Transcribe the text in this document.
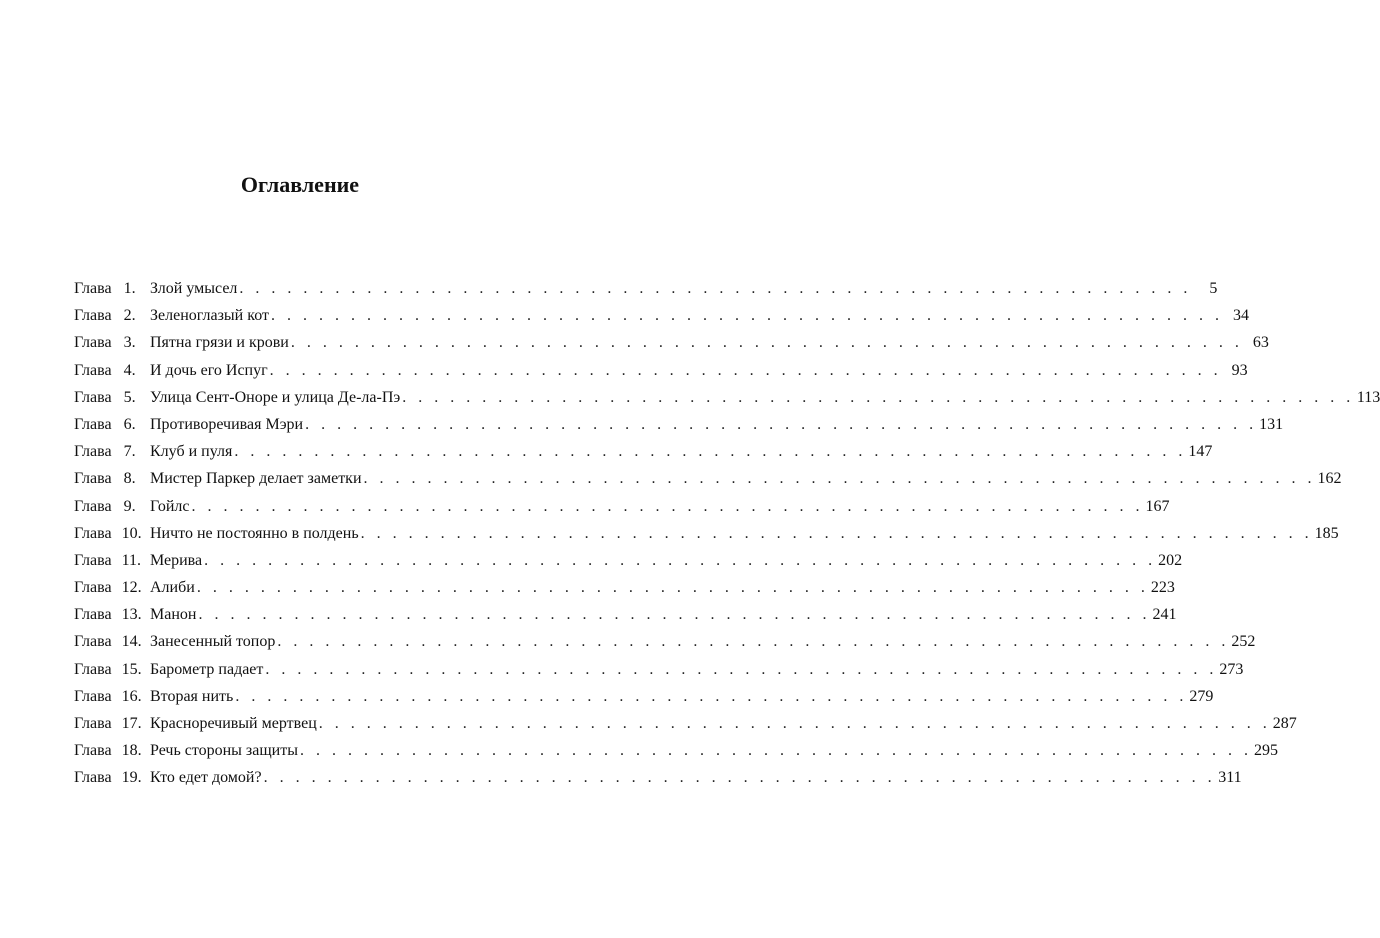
Оглавление
Глава 1. Злой умысел . . . . . . . . . . . . . . . . . . . . . . . . . . . . . . . . . . . . . . . . . . . . . . . . . . . . . . . . . . . .	5
Глава 2. Зеленоглазый кот . . . . . . . . . . . . . . . . . . . . . . . . . . . . . . . . . . . . . . . . . . . . . . . . . . . . . . . . . . . . 34
Глава 3. Пятна грязи и крови . . . . . . . . . . . . . . . . . . . . . . . . . . . . . . . . . . . . . . . . . . . . . . . . . . . . . . . . . . . . 63
Глава 4. И дочь его Испуг . . . . . . . . . . . . . . . . . . . . . . . . . . . . . . . . . . . . . . . . . . . . . . . . . . . . . . . . . . . . 93
Глава 5. Улица Сент-Оноре и улица Де-ла-Пэ . . . . . . . . . . . . . . . . . . . . . . . . . . . . . . . . . . . . . . . . . . . . . . . . . . . . . . . . . . . . 113
Глава 6. Противоречивая Мэри . . . . . . . . . . . . . . . . . . . . . . . . . . . . . . . . . . . . . . . . . . . . . . . . . . . . . . . . . . . . 131
Глава 7. Клуб и пуля . . . . . . . . . . . . . . . . . . . . . . . . . . . . . . . . . . . . . . . . . . . . . . . . . . . . . . . . . . . . 147
Глава 8. Мистер Паркер делает заметки . . . . . . . . . . . . . . . . . . . . . . . . . . . . . . . . . . . . . . . . . . . . . . . . . . . . . . . . . . . . 162
Глава 9. Гойлс . . . . . . . . . . . . . . . . . . . . . . . . . . . . . . . . . . . . . . . . . . . . . . . . . . . . . . . . . . . . 167
Глава 10. Ничто не постоянно в полдень . . . . . . . . . . . . . . . . . . . . . . . . . . . . . . . . . . . . . . . . . . . . . . . . . . . . . . . . . . . . 185
Глава 11. Мерива . . . . . . . . . . . . . . . . . . . . . . . . . . . . . . . . . . . . . . . . . . . . . . . . . . . . . . . . . . . . 202
Глава 12. Алиби . . . . . . . . . . . . . . . . . . . . . . . . . . . . . . . . . . . . . . . . . . . . . . . . . . . . . . . . . . . . 223
Глава 13. Манон . . . . . . . . . . . . . . . . . . . . . . . . . . . . . . . . . . . . . . . . . . . . . . . . . . . . . . . . . . . . 241
Глава 14. Занесенный топор . . . . . . . . . . . . . . . . . . . . . . . . . . . . . . . . . . . . . . . . . . . . . . . . . . . . . . . . . . . . 252
Глава 15. Барометр падает . . . . . . . . . . . . . . . . . . . . . . . . . . . . . . . . . . . . . . . . . . . . . . . . . . . . . . . . . . . . 273
Глава 16. Вторая нить . . . . . . . . . . . . . . . . . . . . . . . . . . . . . . . . . . . . . . . . . . . . . . . . . . . . . . . . . . . . 279
Глава 17. Красноречивый мертвец . . . . . . . . . . . . . . . . . . . . . . . . . . . . . . . . . . . . . . . . . . . . . . . . . . . . . . . . . . . . 287
Глава 18. Речь стороны защиты . . . . . . . . . . . . . . . . . . . . . . . . . . . . . . . . . . . . . . . . . . . . . . . . . . . . . . . . . . . . 295
Глава 19. Кто едет домой? . . . . . . . . . . . . . . . . . . . . . . . . . . . . . . . . . . . . . . . . . . . . . . . . . . . . . . . . . . . . 311
